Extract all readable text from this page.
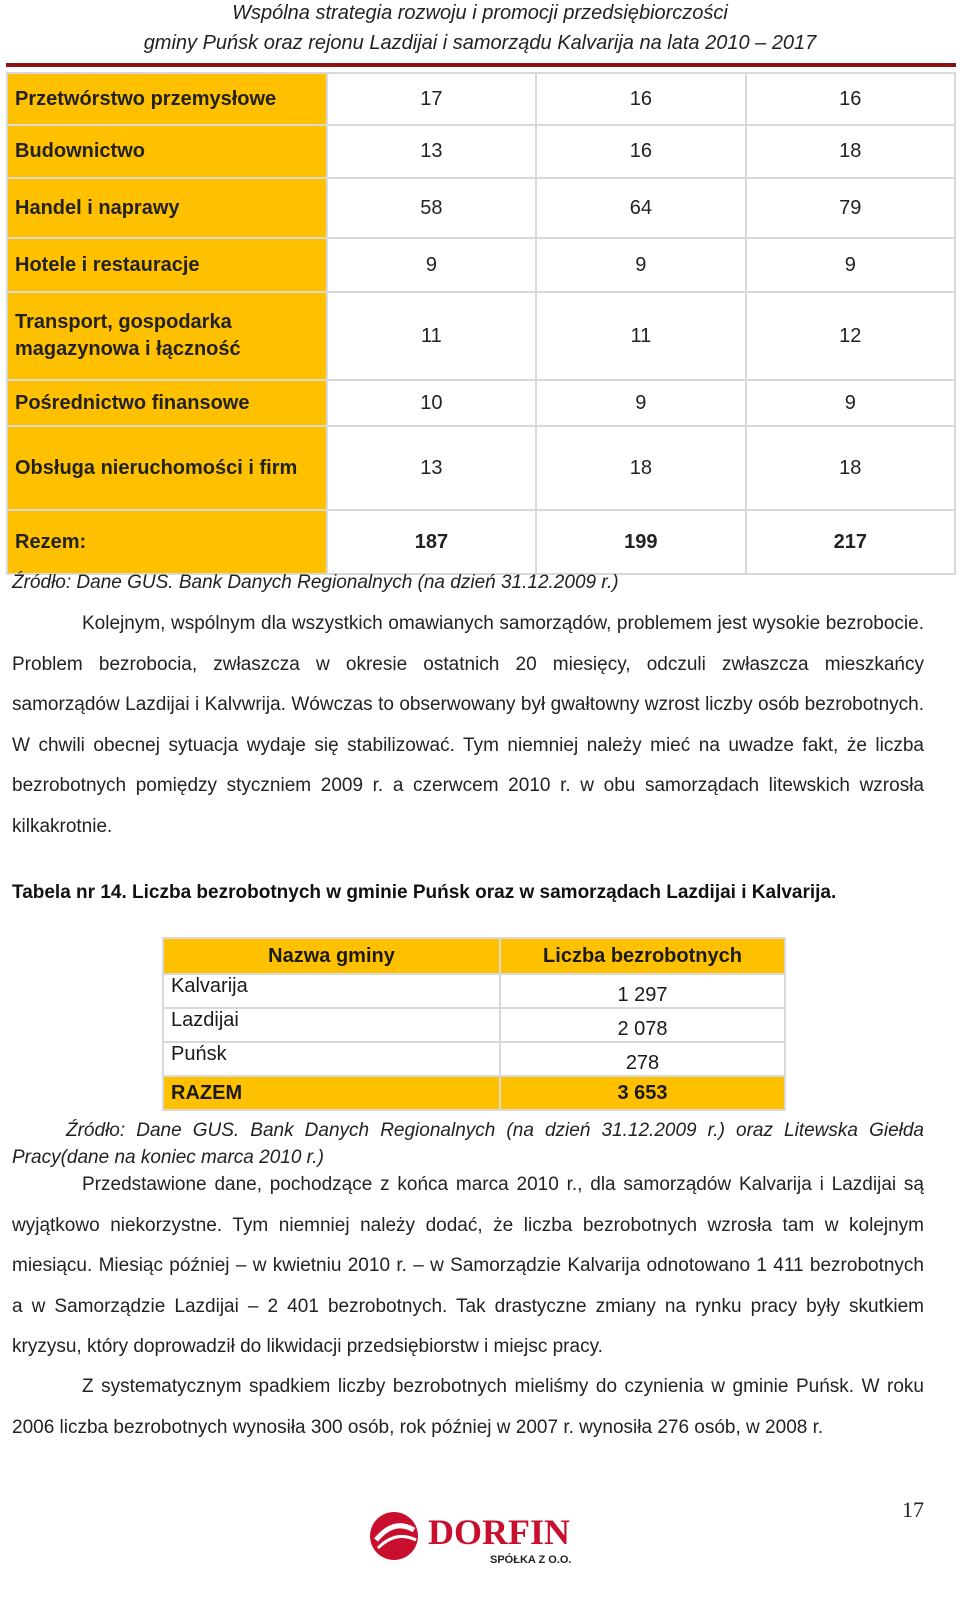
Wspólna strategia rozwoju i promocji przedsiębiorczości
gminy Puńsk oraz rejonu Lazdijai i samorządu Kalvarija na lata 2010 – 2017
Przetwórstwo przemysłowe	17	16	16
Budownictwo	13	16	18
Handel i naprawy	58	64	79
Hotele i restauracje	9	9	9

Transport, gospodarka
magazynowa i łączność	11	11	12
Pośrednictwo finansowe	10	9	9
Obsługa nieruchomości i firm	13	18	18
Rezem:	187	199	217
Źródło: Dane GUS. Bank Danych Regionalnych (na dzień 31.12.2009 r.)
Kolejnym, wspólnym dla wszystkich omawianych samorządów, problemem jest wysokie bezrobocie. Problem bezrobocia, zwłaszcza w okresie ostatnich 20 miesięcy, odczuli zwłaszcza mieszkańcy samorządów Lazdijai i Kalvwrija. Wówczas to obserwowany był gwałtowny wzrost liczby osób bezrobotnych. W chwili obecnej sytuacja wydaje się stabilizować. Tym niemniej należy mieć na uwadze fakt, że liczba bezrobotnych pomiędzy styczniem 2009 r. a czerwcem 2010 r. w obu samorządach litewskich wzrosła kilkakrotnie.
Tabela nr 14. Liczba bezrobotnych w gminie Puńsk oraz w samorządach Lazdijai i Kalvarija.
Nazwa gminy	Liczba bezrobotnych
Kalvarija	1 297
Lazdijai	2 078
Puńsk	278
RAZEM	3 653
Źródło: Dane GUS. Bank Danych Regionalnych (na dzień 31.12.2009 r.) oraz Litewska Giełda Pracy(dane na koniec marca 2010 r.)
Przedstawione dane, pochodzące z końca marca 2010 r., dla samorządów Kalvarija i Lazdijai są wyjątkowo niekorzystne. Tym niemniej należy dodać, że liczba bezrobotnych wzrosła tam w kolejnym miesiącu. Miesiąc później – w kwietniu 2010 r. – w Samorządzie Kalvarija odnotowano 1 411 bezrobotnych a w Samorządzie Lazdijai – 2 401 bezrobotnych. Tak drastyczne zmiany na rynku pracy były skutkiem kryzysu, który doprowadził do likwidacji przedsiębiorstw i miejsc pracy.
Z systematycznym spadkiem liczby bezrobotnych mieliśmy do czynienia w gminie Puńsk. W roku 2006 liczba bezrobotnych wynosiła 300 osób, rok później w 2007 r. wynosiła 276 osób, w 2008 r.
DORFIN
SPÓŁKA Z O.O.
17
